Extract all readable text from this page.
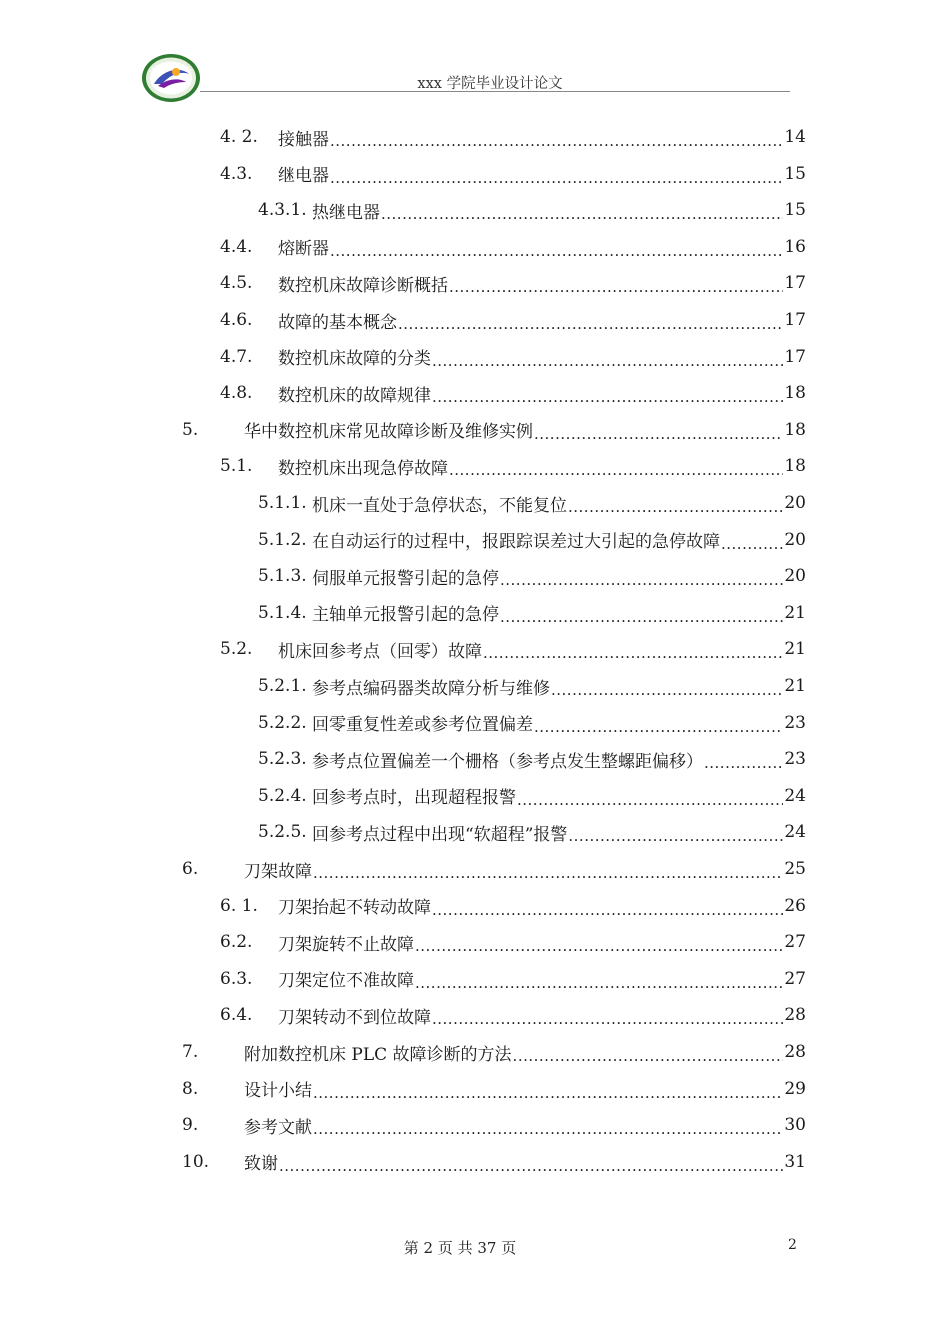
xxx 学院毕业设计论文
4. 2.	接触器 .....	14
4.3.	继电器 .....	15
4.3.1. 热继电器 .....	15
4.4.	熔断器 .....	16
4.5.	数控机床故障诊断概括 .....	17
4.6.	故障的基本概念 .....	17
4.7.	数控机床故障的分类 .....	17
4.8.	数控机床的故障规律 .....	18
5.	华中数控机床常见故障诊断及维修实例 .....	18
5.1.	数控机床出现急停故障 .....	18
5.1.1. 机床一直处于急停状态，不能复位 .....	20
5.1.2. 在自动运行的过程中，报跟踪误差过大引起的急停故障 .....	20
5.1.3. 伺服单元报警引起的急停 .....	20
5.1.4. 主轴单元报警引起的急停 .....	21
5.2.	机床回参考点（回零）故障 .....	21
5.2.1. 参考点编码器类故障分析与维修 .....	21
5.2.2. 回零重复性差或参考位置偏差 .....	23
5.2.3. 参考点位置偏差一个栅格（参考点发生整螺距偏移） .....	23
5.2.4. 回参考点时，出现超程报警 .....	24
5.2.5. 回参考点过程中出现“软超程”报警 .....	24
6.	刀架故障 .....	25
6. 1.	刀架抬起不转动故障 .....	26
6.2.	刀架旋转不止故障 .....	27
6.3.	刀架定位不准故障 .....	27
6.4.	刀架转动不到位故障 .....	28
7.	附加数控机床 PLC 故障诊断的方法 .....	28
8.	设计小结 .....	29
9.	参考文献 .....	30
10.	致谢 .....	31
第 2 页 共 37 页	2
